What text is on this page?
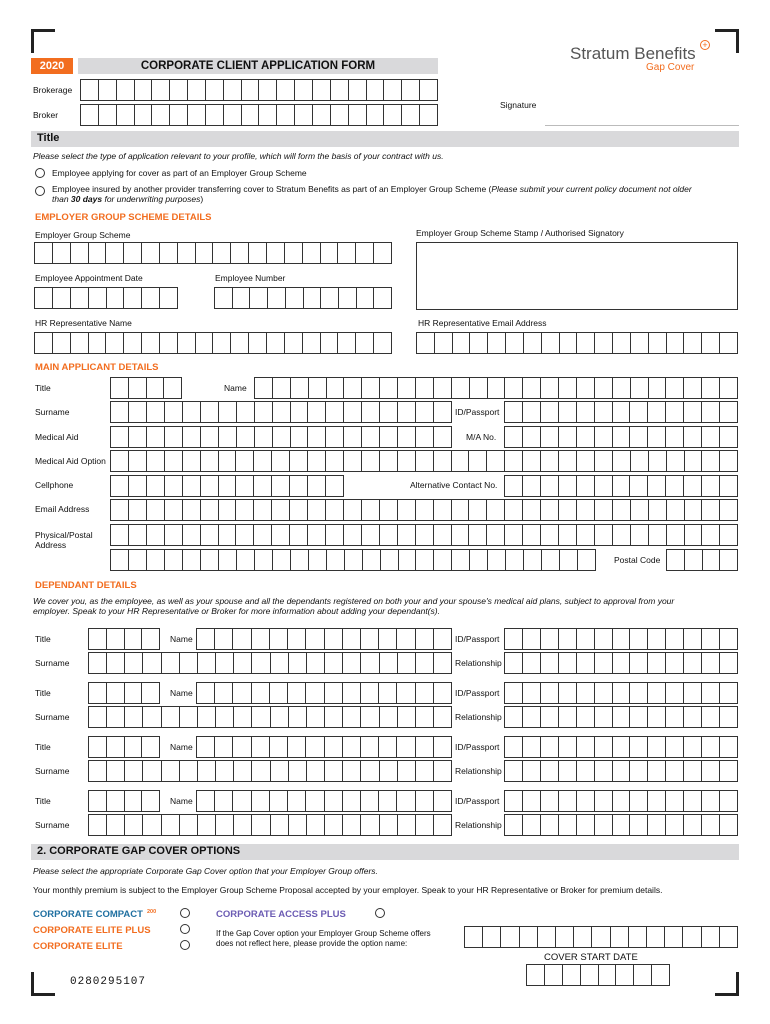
2020	CORPORATE CLIENT APPLICATION FORM
Stratum Benefits +
Gap Cover
Brokerage
Broker
Signature
Title
Please select the type of application relevant to your profile, which will form the basis of your contract with us.
Employee applying for cover as part of an Employer Group Scheme
Employee insured by another provider transferring cover to Stratum Benefits as part of an Employer Group Scheme (Please submit your current policy document not older
than 30 days for underwriting purposes)
EMPLOYER GROUP SCHEME DETAILS
Employer Group Scheme	Employer Group Scheme Stamp / Authorised Signatory
Employee Appointment Date	Employee Number
HR Representative Name	HR Representative Email Address
MAIN APPLICANT DETAILS
Title	Name
Surname	ID/Passport
Medical Aid	M/A No.
Medical Aid Option
Cellphone	Alternative Contact No.
Email Address
Physical/Postal
Address
Postal Code
DEPENDANT DETAILS
We cover you, as the employee, as well as your spouse and all the dependants registered on both your and your spouse's medical aid plans, subject to approval from your
employer. Speak to your HR Representative or Broker for more information about adding your dependant(s).
Title	Name	ID/Passport
Surname	Relationship
Title	Name	ID/Passport
Surname	Relationship
Title	Name	ID/Passport
Surname	Relationship
Title	Name	ID/Passport
Surname	Relationship
2. CORPORATE GAP COVER OPTIONS
Please select the appropriate Corporate Gap Cover option that your Employer Group offers.
Your monthly premium is subject to the Employer Group Scheme Proposal accepted by your employer. Speak to your HR Representative or Broker for premium details.
CORPORATE COMPACT $^{200}$
CORPORATE ELITE PLUS
CORPORATE ELITE
CORPORATE ACCESS PLUS
If the Gap Cover option your Employer Group Scheme offers
does not reflect here, please provide the option name:
COVER START DATE
0280295107
